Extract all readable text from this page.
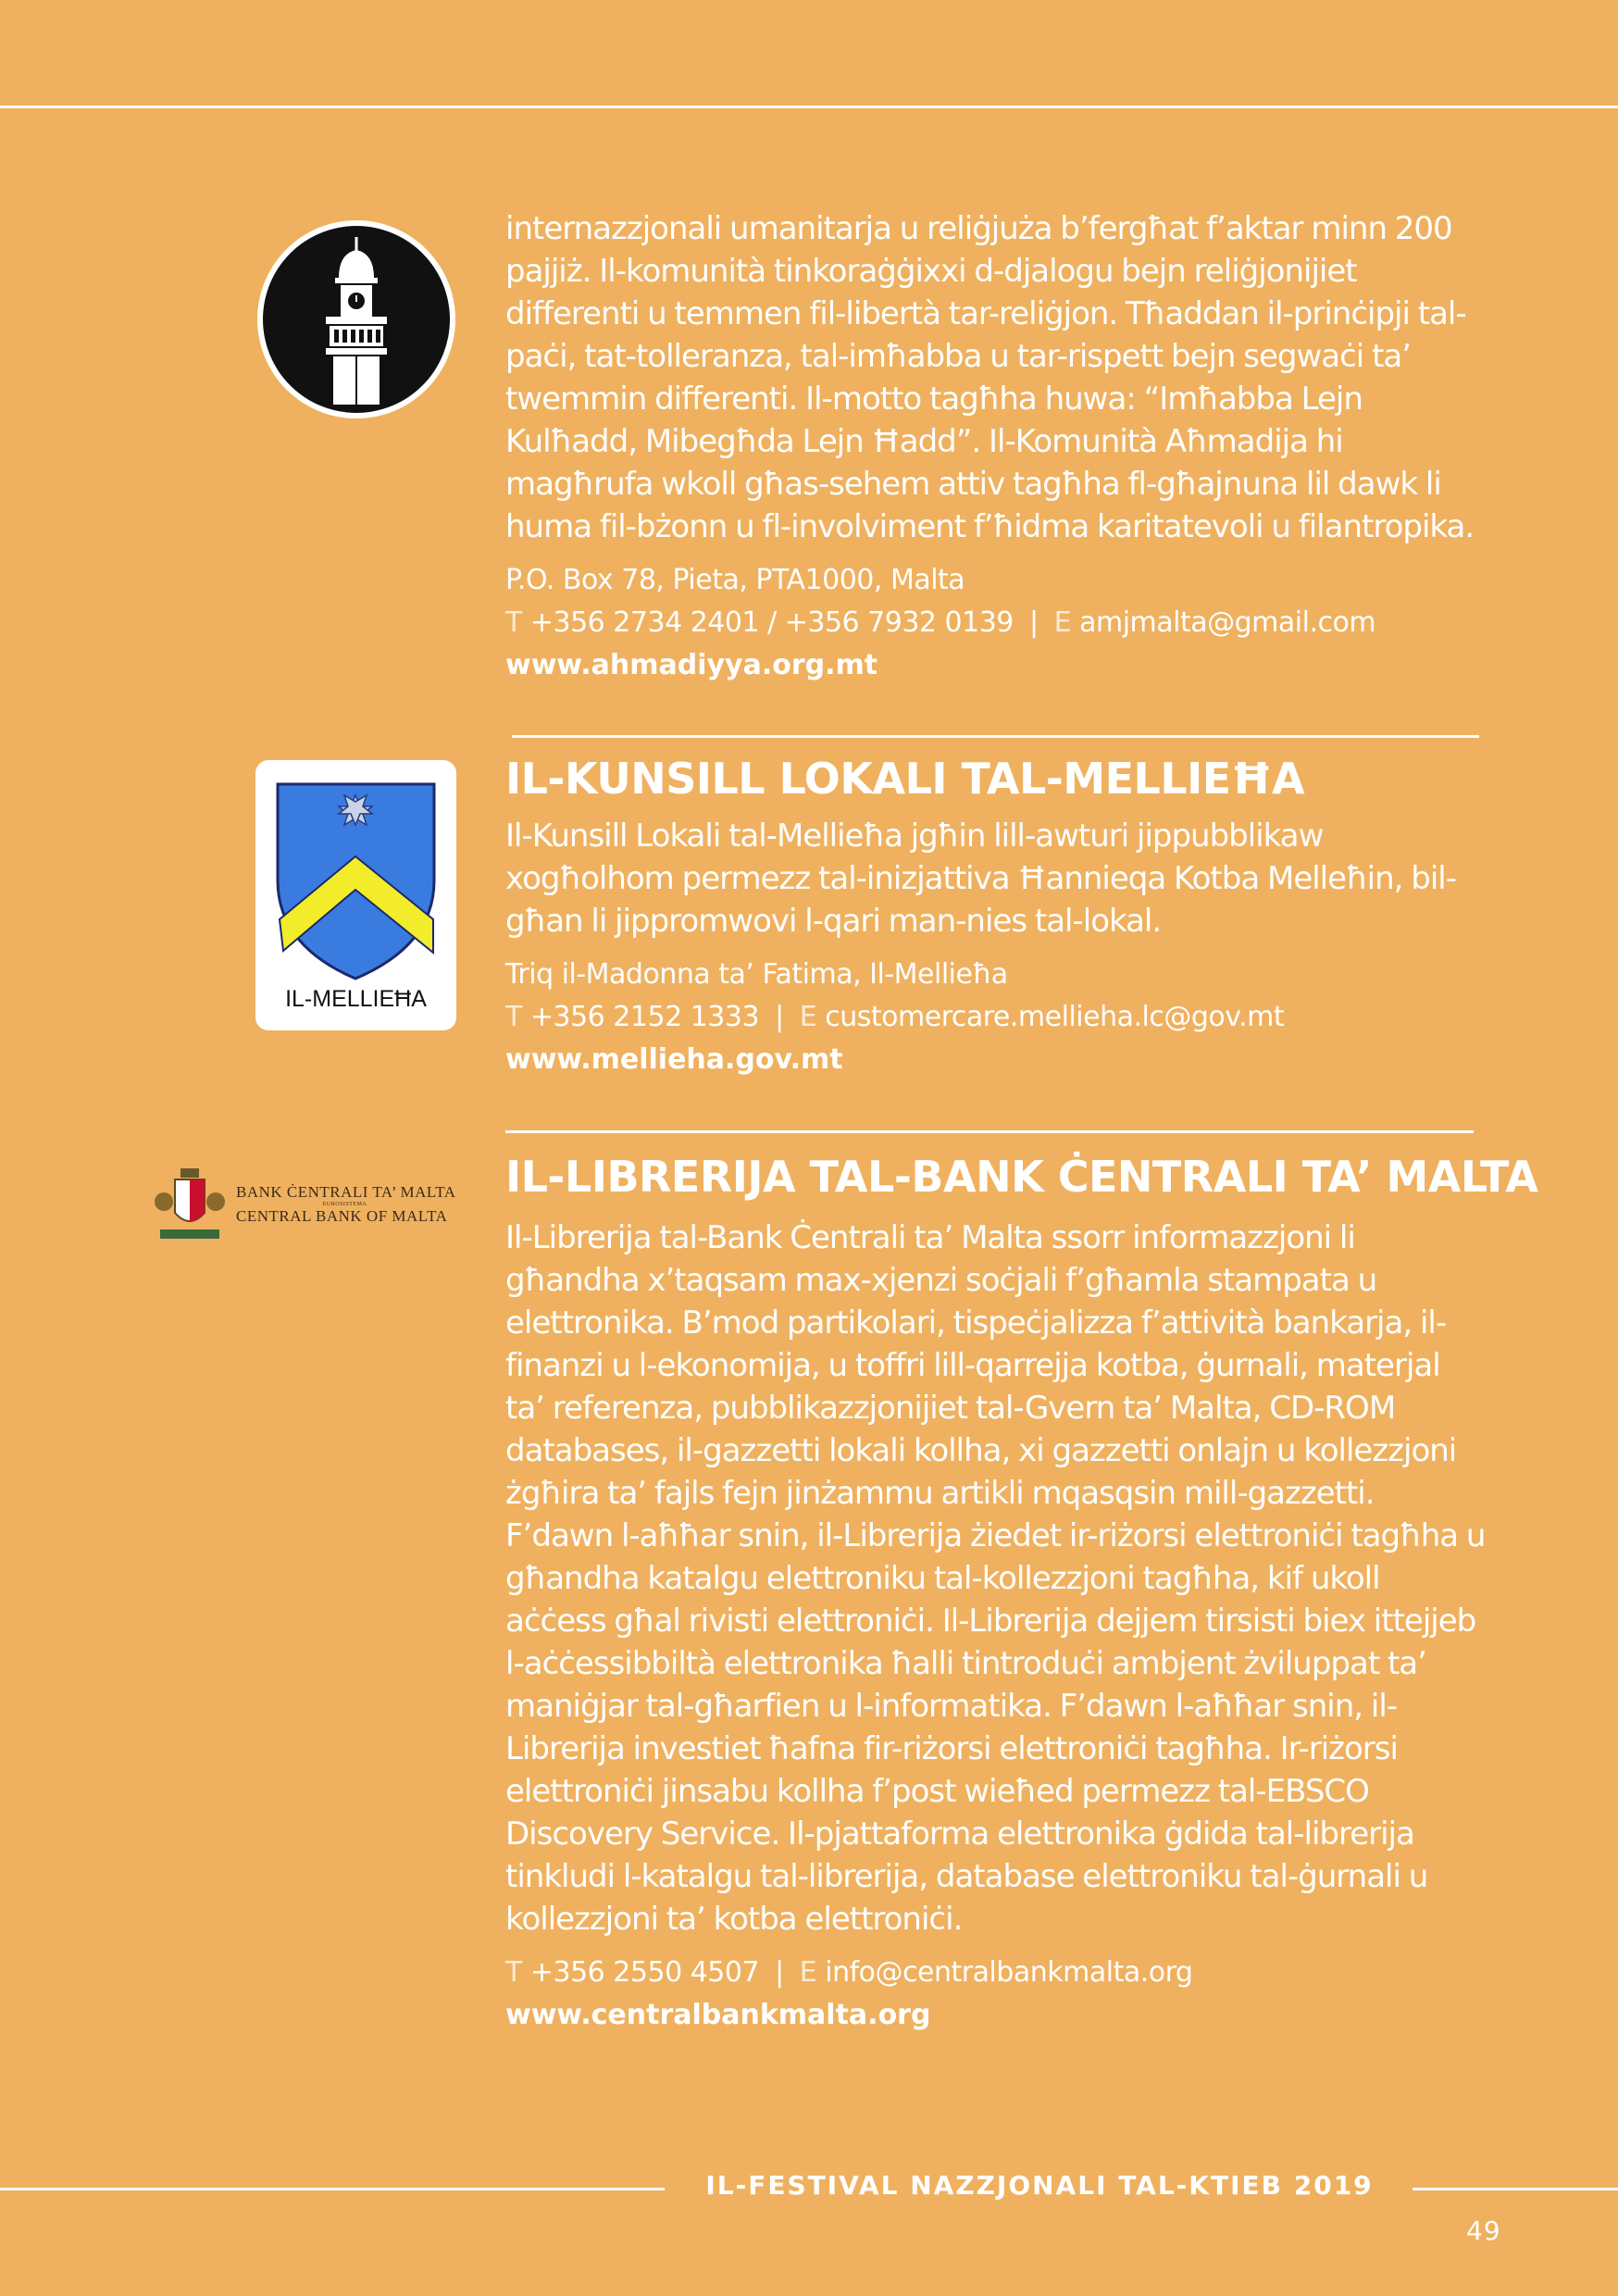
internazzjonali umanitarja u reliġjuża b’fergħat f’aktar minn 200 pajjiż. Il-komunità tinkoraġġixxi d-djalogu bejn reliġjonijiet differenti u temmen fil-libertà tar-reliġjon. Tħaddan il-prinċipji tal-paċi, tat-tolleranza, tal-imħabba u tar-rispett bejn segwaċi ta’ twemmin differenti. Il-motto tagħha huwa: “Imħabba Lejn Kulħadd, Mibegħda Lejn Ħadd”. Il-Komunità Aħmadija hi magħrufa wkoll għas-sehem attiv tagħha fl-għajnuna lil dawk li huma fil-bżonn u fl-involviment f’ħidma karitatevoli u filantropika.

P.O. Box 78, Pieta, PTA1000, Malta

T +356 2734 2401 / +356 7932 0139 | E amjmalta@gmail.com

www.ahmadiyya.org.mt

IL-MELLIEĦA
IL-KUNSILL LOKALI TAL-MELLIEĦA

Il-Kunsill Lokali tal-Mellieħa jgħin lill-awturi jippubblikaw xogħolhom permezz tal-inizjattiva Ħannieqa Kotba Melleħin, bil-għan li jippromwovi l-qari man-nies tal-lokal.

Triq il-Madonna ta’ Fatima, Il-Mellieħa

T +356 2152 1333 | E customercare.mellieha.lc@gov.mt

www.mellieha.gov.mt

BANK ĊENTRALI TA’ MALTA
EUROSISTEMA
CENTRAL BANK OF MALTA
IL-LIBRERIJA TAL-BANK ĊENTRALI TA’ MALTA

Il-Librerija tal-Bank Ċentrali ta’ Malta ssorr informazzjoni li għandha x’taqsam max-xjenzi soċjali f’għamla stampata u elettronika. B’mod partikolari, tispeċjalizza f’attività bankarja, il-finanzi u l-ekonomija, u toffri lill-qarrejja kotba, ġurnali, materjal ta’ referenza, pubblikazzjonijiet tal-Gvern ta’ Malta, CD-ROM databases, il-gazzetti lokali kollha, xi gazzetti onlajn u kollezzjoni żgħira ta’ fajls fejn jinżammu artikli mqasqsin mill-gazzetti. F’dawn l-aħħar snin, il-Librerija żiedet ir-riżorsi elettroniċi tagħha u għandha katalgu elettroniku tal-kollezzjoni tagħha, kif ukoll aċċess għal rivisti elettroniċi. Il-Librerija dejjem tirsisti biex ittejjeb l-aċċessibbiltà elettronika ħalli tintroduċi ambjent żviluppat ta’ maniġjar tal-għarfien u l-informatika. F’dawn l-aħħar snin, il-Librerija investiet ħafna fir-riżorsi elettroniċi tagħha. Ir-riżorsi elettroniċi jinsabu kollha f’post wieħed permezz tal-EBSCO Discovery Service. Il-pjattaforma elettronika ġdida tal-librerija tinkludi l-katalgu tal-librerija, database elettroniku tal-ġurnali u kollezzjoni ta’ kotba elettroniċi.

T +356 2550 4507 | E info@centralbankmalta.org

www.centralbankmalta.org

IL-FESTIVAL NAZZJONALI TAL-KTIEB 2019
49
